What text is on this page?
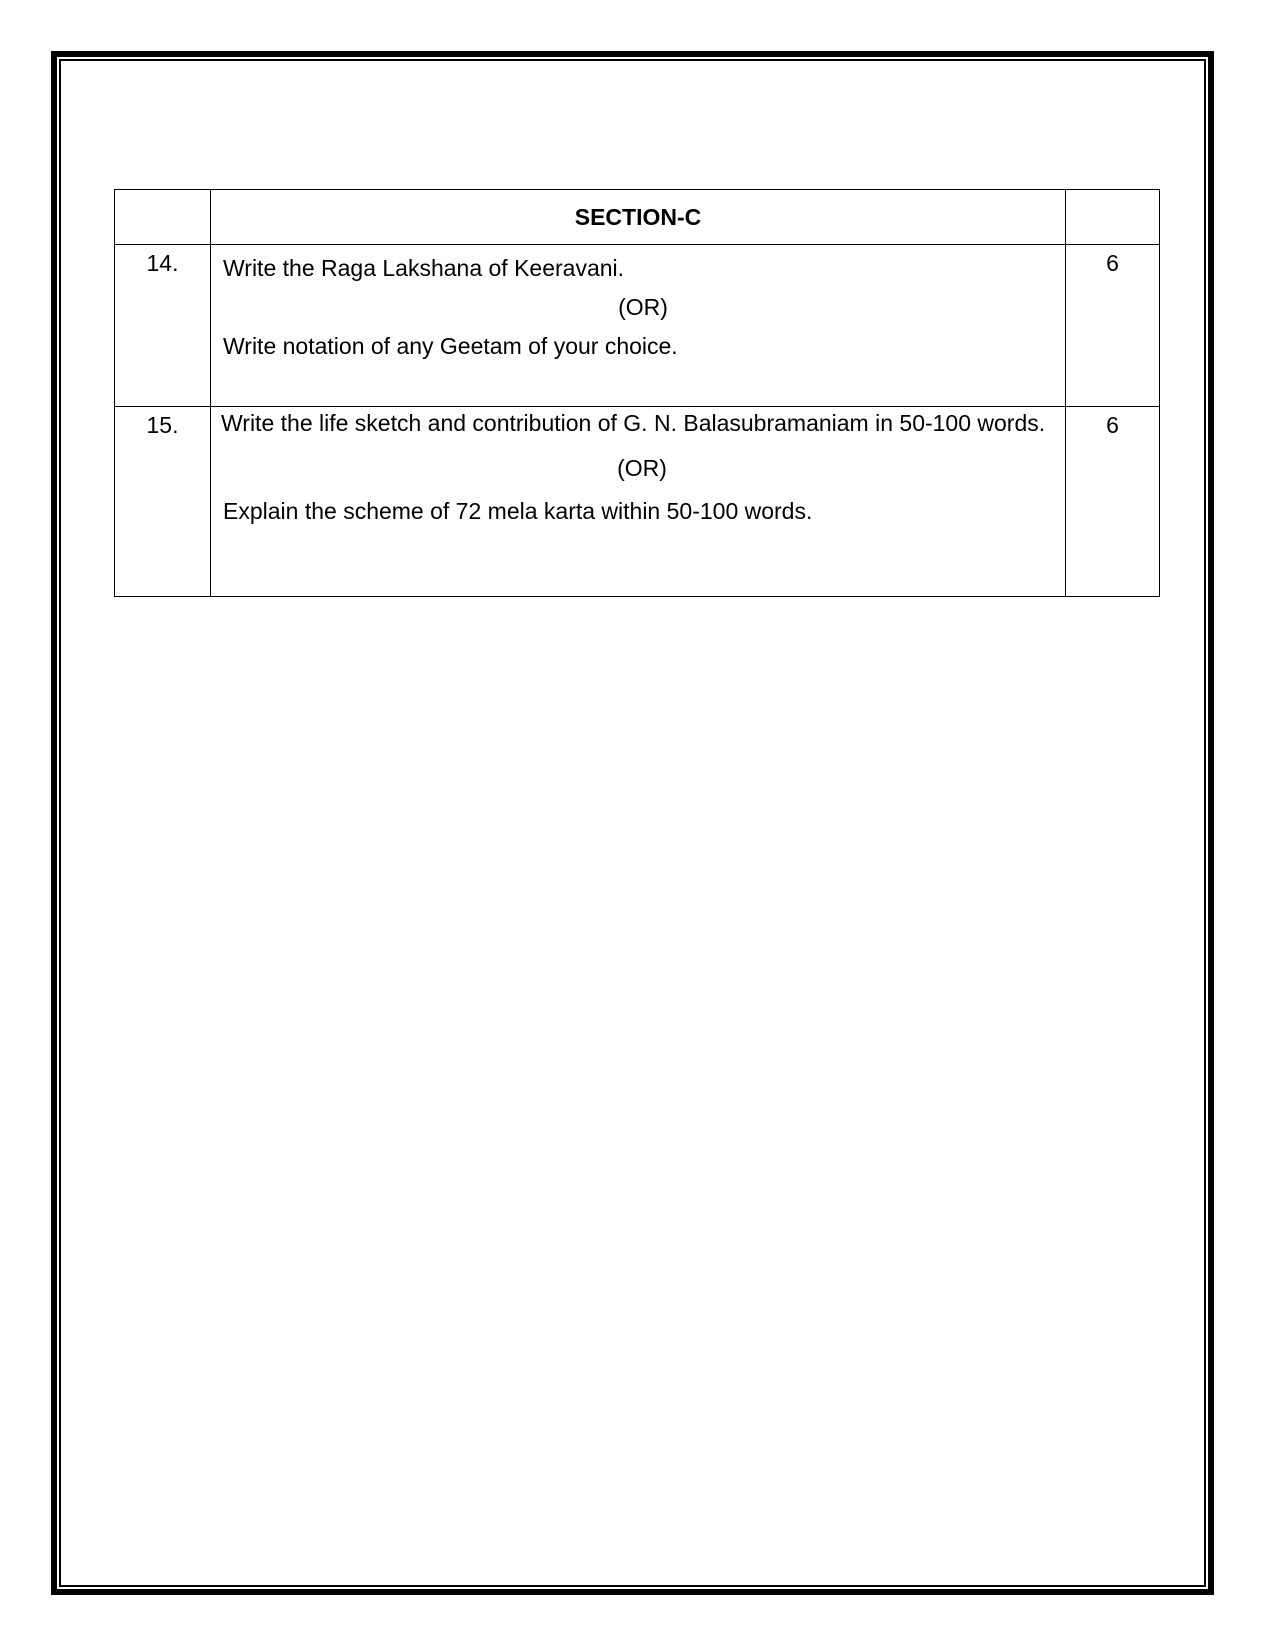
	SECTION-C	
14.	Write the Raga Lakshana of Keeravani.
(OR)
Write notation of any Geetam of your choice.	6
15.	Write the life sketch and contribution of G. N. Balasubramaniam in 50-100 words.
(OR)
Explain the scheme of 72 mela karta within 50-100 words.	6
